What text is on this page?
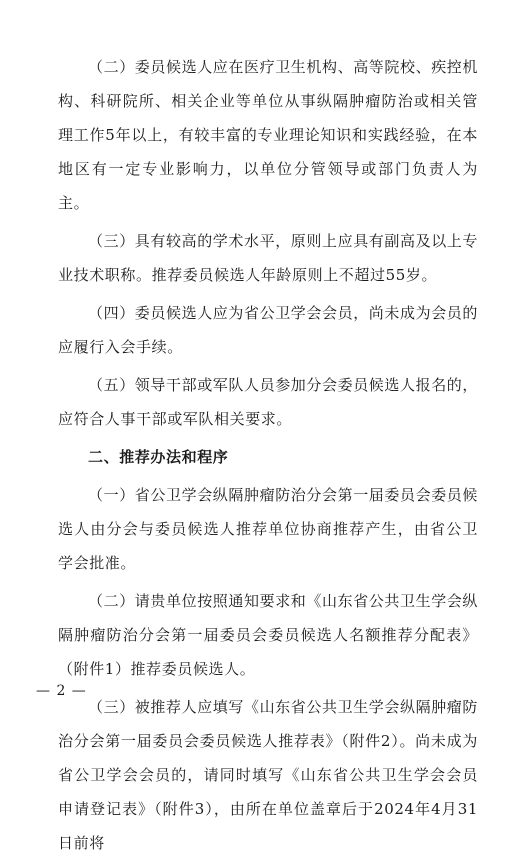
（二）委员候选人应在医疗卫生机构、高等院校、疾控机构、科研院所、相关企业等单位从事纵隔肿瘤防治或相关管理工作5年以上，有较丰富的专业理论知识和实践经验，在本地区有一定专业影响力，以单位分管领导或部门负责人为主。

（三）具有较高的学术水平，原则上应具有副高及以上专业技术职称。推荐委员候选人年龄原则上不超过55岁。

（四）委员候选人应为省公卫学会会员，尚未成为会员的应履行入会手续。

（五）领导干部或军队人员参加分会委员候选人报名的，应符合人事干部或军队相关要求。

二、推荐办法和程序

（一）省公卫学会纵隔肿瘤防治分会第一届委员会委员候选人由分会与委员候选人推荐单位协商推荐产生，由省公卫学会批准。

（二）请贵单位按照通知要求和《山东省公共卫生学会纵隔肿瘤防治分会第一届委员会委员候选人名额推荐分配表》（附件1）推荐委员候选人。

（三）被推荐人应填写《山东省公共卫生学会纵隔肿瘤防治分会第一届委员会委员候选人推荐表》（附件2）。尚未成为省公卫学会会员的，请同时填写《山东省公共卫生学会会员申请登记表》（附件3），由所在单位盖章后于2024年4月31日前将

— 2 —
